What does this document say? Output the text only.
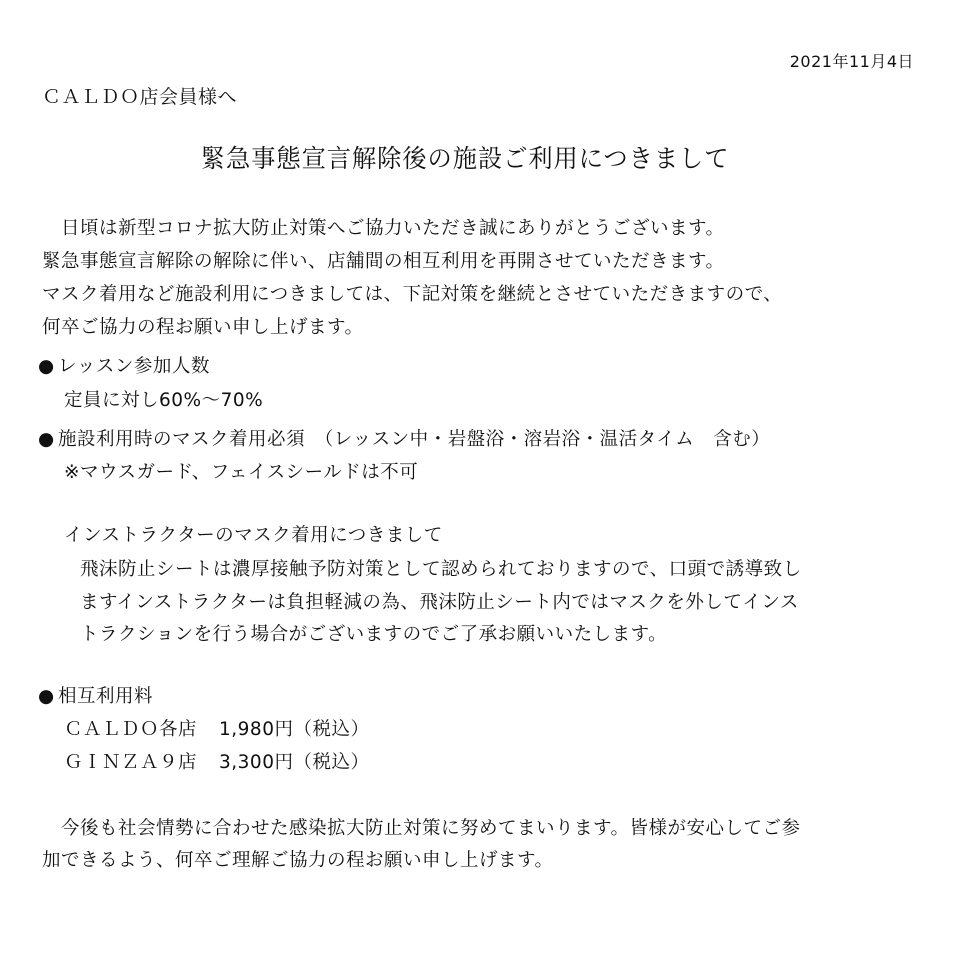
2021年11月4日
ＣＡＬＤＯ店会員様へ
緊急事態宣言解除後の施設ご利用につきまして
　日頃は新型コロナ拡大防止対策へご協力いただき誠にありがとうございます。
緊急事態宣言解除の解除に伴い、店舗間の相互利用を再開させていただきます。
マスク着用など施設利用につきましては、下記対策を継続とさせていただきますので、
何卒ご協力の程お願い申し上げます。
● レッスン参加人数
定員に対し60%～70%
● 施設利用時のマスク着用必須　（レッスン中・岩盤浴・溶岩浴・温活タイム　含む）
※マウスガード、フェイスシールドは不可
インストラクターのマスク着用につきまして
飛沫防止シートは濃厚接触予防対策として認められておりますので、口頭で誘導致し
ますインストラクターは負担軽減の為、飛沫防止シート内ではマスクを外してインス
トラクションを行う場合がございますのでご了承お願いいたします。
● 相互利用料
ＣＡＬＤＯ各店 1,980円（税込）
ＧＩＮＺＡ９店 3,300円（税込）
　今後も社会情勢に合わせた感染拡大防止対策に努めてまいります。皆様が安心してご参
加できるよう、何卒ご理解ご協力の程お願い申し上げます。
